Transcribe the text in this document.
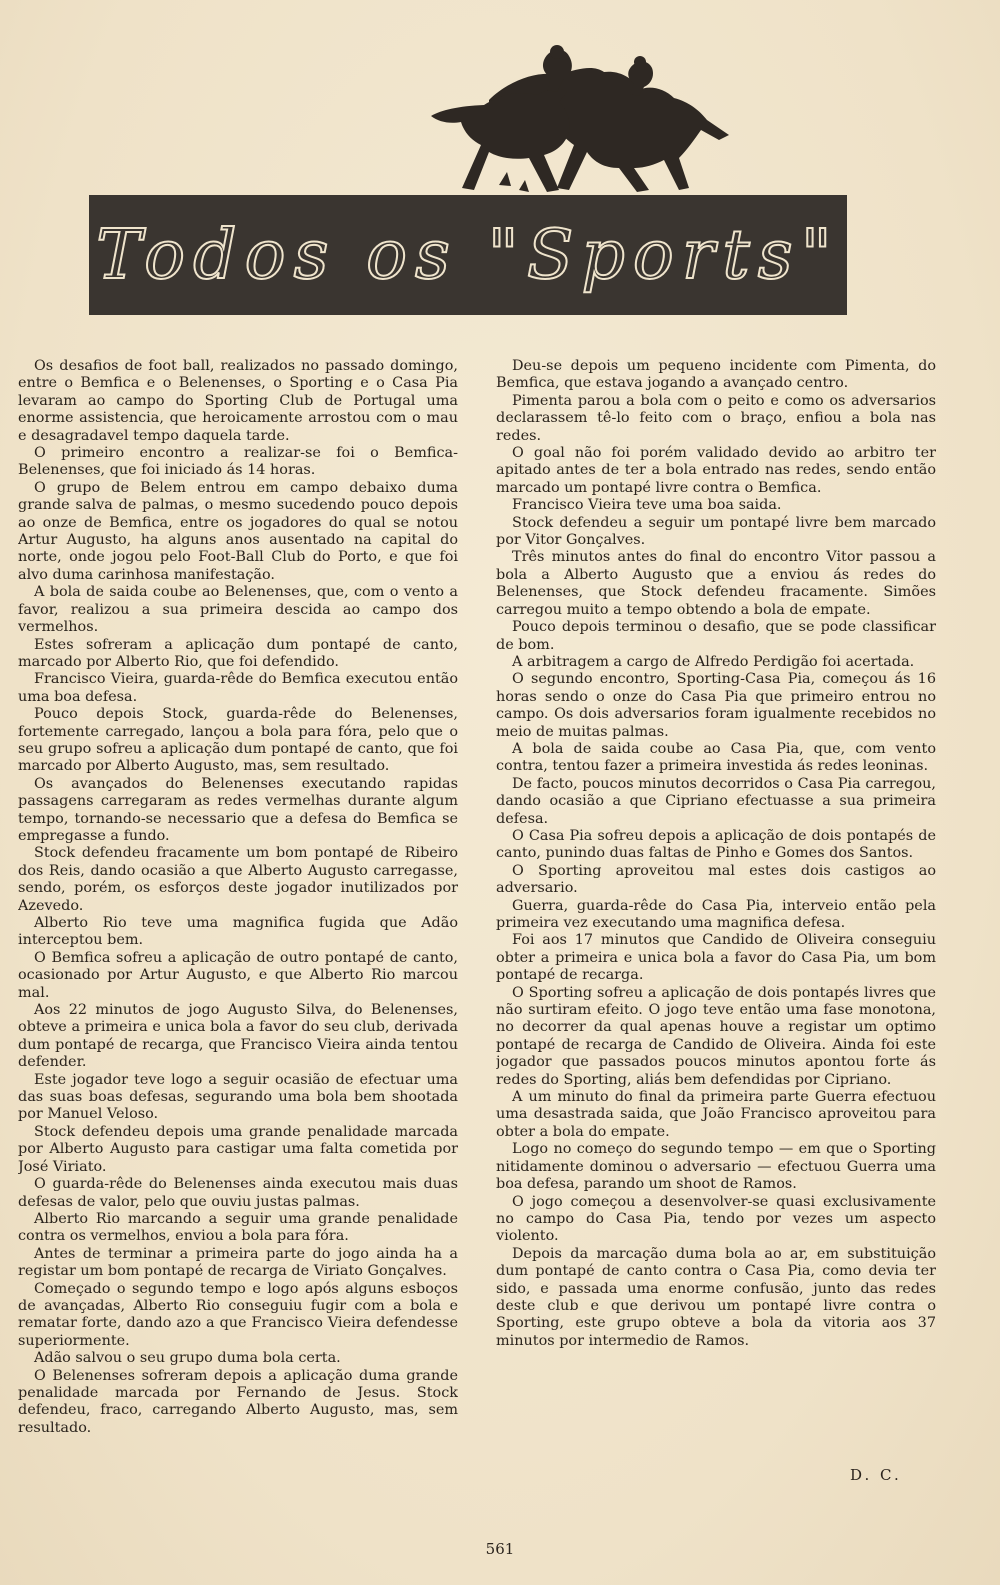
Todos os "Sports"

Os desafios de foot ball, realizados no passado domingo, entre o Bemfica e o Belenenses, o Sporting e o Casa Pia levaram ao campo do Sporting Club de Portugal uma enorme assistencia, que heroicamente arrostou com o mau e desagradavel tempo daquela tarde.

O primeiro encontro a realizar-se foi o Bemfica-Belenenses, que foi iniciado ás 14 horas.

O grupo de Belem entrou em campo debaixo duma grande salva de palmas, o mesmo sucedendo pouco depois ao onze de Bemfica, entre os jogadores do qual se notou Artur Augusto, ha alguns anos ausentado na capital do norte, onde jogou pelo Foot-Ball Club do Porto, e que foi alvo duma carinhosa manifestação.

A bola de saida coube ao Belenenses, que, com o vento a favor, realizou a sua primeira descida ao campo dos vermelhos.

Estes sofreram a aplicação dum pontapé de canto, marcado por Alberto Rio, que foi defendido.

Francisco Vieira, guarda-rêde do Bemfica executou então uma boa defesa.

Pouco depois Stock, guarda-rêde do Belenenses, fortemente carregado, lançou a bola para fóra, pelo que o seu grupo sofreu a aplicação dum pontapé de canto, que foi marcado por Alberto Augusto, mas, sem resultado.

Os avançados do Belenenses executando rapidas passagens carregaram as redes vermelhas durante algum tempo, tornando-se necessario que a defesa do Bemfica se empregasse a fundo.

Stock defendeu fracamente um bom pontapé de Ribeiro dos Reis, dando ocasião a que Alberto Augusto carregasse, sendo, porém, os esforços deste jogador inutilizados por Azevedo.

Alberto Rio teve uma magnifica fugida que Adão interceptou bem.

O Bemfica sofreu a aplicação de outro pontapé de canto, ocasionado por Artur Augusto, e que Alberto Rio marcou mal.

Aos 22 minutos de jogo Augusto Silva, do Belenenses, obteve a primeira e unica bola a favor do seu club, derivada dum pontapé de recarga, que Francisco Vieira ainda tentou defender.

Este jogador teve logo a seguir ocasião de efectuar uma das suas boas defesas, segurando uma bola bem shootada por Manuel Veloso.

Stock defendeu depois uma grande penalidade marcada por Alberto Augusto para castigar uma falta cometida por José Viriato.

O guarda-rêde do Belenenses ainda executou mais duas defesas de valor, pelo que ouviu justas palmas.

Alberto Rio marcando a seguir uma grande penalidade contra os vermelhos, enviou a bola para fóra.

Antes de terminar a primeira parte do jogo ainda ha a registar um bom pontapé de recarga de Viriato Gonçalves.

Começado o segundo tempo e logo após alguns esboços de avançadas, Alberto Rio conseguiu fugir com a bola e rematar forte, dando azo a que Francisco Vieira defendesse superiormente.

Adão salvou o seu grupo duma bola certa.

O Belenenses sofreram depois a aplicação duma grande penalidade marcada por Fernando de Jesus. Stock defendeu, fraco, carregando Alberto Augusto, mas, sem resultado.

Deu-se depois um pequeno incidente com Pimenta, do Bemfica, que estava jogando a avançado centro.

Pimenta parou a bola com o peito e como os adversarios declarassem tê-lo feito com o braço, enfiou a bola nas redes.

O goal não foi porém validado devido ao arbitro ter apitado antes de ter a bola entrado nas redes, sendo então marcado um pontapé livre contra o Bemfica.

Francisco Vieira teve uma boa saida.

Stock defendeu a seguir um pontapé livre bem marcado por Vitor Gonçalves.

Três minutos antes do final do encontro Vitor passou a bola a Alberto Augusto que a enviou ás redes do Belenenses, que Stock defendeu fracamente. Simões carregou muito a tempo obtendo a bola de empate.

Pouco depois terminou o desafio, que se pode classificar de bom.

A arbitragem a cargo de Alfredo Perdigão foi acertada.

O segundo encontro, Sporting-Casa Pia, começou ás 16 horas sendo o onze do Casa Pia que primeiro entrou no campo. Os dois adversarios foram igualmente recebidos no meio de muitas palmas.

A bola de saida coube ao Casa Pia, que, com vento contra, tentou fazer a primeira investida ás redes leoninas.

De facto, poucos minutos decorridos o Casa Pia carregou, dando ocasião a que Cipriano efectuasse a sua primeira defesa.

O Casa Pia sofreu depois a aplicação de dois pontapés de canto, punindo duas faltas de Pinho e Gomes dos Santos.

O Sporting aproveitou mal estes dois castigos ao adversario.

Guerra, guarda-rêde do Casa Pia, interveio então pela primeira vez executando uma magnifica defesa.

Foi aos 17 minutos que Candido de Oliveira conseguiu obter a primeira e unica bola a favor do Casa Pia, um bom pontapé de recarga.

O Sporting sofreu a aplicação de dois pontapés livres que não surtiram efeito. O jogo teve então uma fase monotona, no decorrer da qual apenas houve a registar um optimo pontapé de recarga de Candido de Oliveira. Ainda foi este jogador que passados poucos minutos apontou forte ás redes do Sporting, aliás bem defendidas por Cipriano.

A um minuto do final da primeira parte Guerra efectuou uma desastrada saida, que João Francisco aproveitou para obter a bola do empate.

Logo no começo do segundo tempo — em que o Sporting nitidamente dominou o adversario — efectuou Guerra uma boa defesa, parando um shoot de Ramos.

O jogo começou a desenvolver-se quasi exclusivamente no campo do Casa Pia, tendo por vezes um aspecto violento.

Depois da marcação duma bola ao ar, em substituição dum pontapé de canto contra o Casa Pia, como devia ter sido, e passada uma enorme confusão, junto das redes deste club e que derivou um pontapé livre contra o Sporting, este grupo obteve a bola da vitoria aos 37 minutos por intermedio de Ramos.

D. C.
561
